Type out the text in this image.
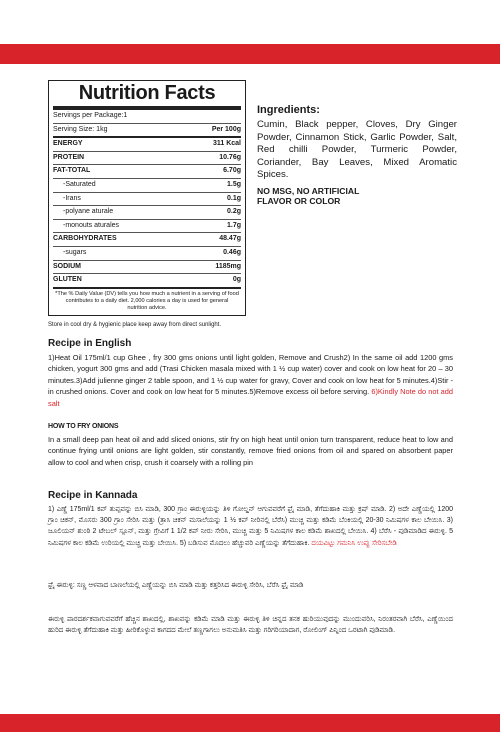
Nutrition Facts
Servings per Package:1
Serving Size: 1kg	Per 100g
ENERGY	311 Kcal
PROTEIN	10.76g
FAT-TOTAL	6.70g
-Saturated	1.5g
-Irans	0.1g
-polyane aturale	0.2g
-monouts aturales	1.7g
CARBOHYDRATES	48.47g
-sugars	0.46g
SODIUM	1185mg
GLUTEN	0g
*The % Daily Value (DV) tells you how much a nutrient in a serving of food contributes to a daily diet. 2,000 calories a day is used for general nutrition advice.
Ingredients:
Cumin, Black pepper, Cloves, Dry Ginger Powder, Cinnamon Stick, Garlic Powder, Salt, Red chilli Powder, Turmeric Powder, Coriander, Bay Leaves, Mixed Aromatic Spices.
NO MSG, NO ARTIFICIAL FLAVOR OR COLOR
Store in cool dry & hygienic place keep away from direct sunlight.
Recipe in English
1)Heat Oil 175ml/1 cup Ghee , fry 300 gms onions until light golden, Remove and Crush2) In the same oil add 1200 gms chicken, yogurt 300 gms and add (Trasi Chicken masala mixed with 1 ½ cup water) cover and cook on low heat for 20 – 30 minutes.3)Add julienne ginger 2 table spoon, and 1 ½ cup water for gravy, Cover and cook on low heat for 5 minutes.4)Stir -in crushed onions. Cover and cook on low heat for 5 minutes.5)Remove excess oil before serving. 6)Kindly Note do not add salt
HOW TO FRY ONIONS
In a small deep pan heat oil and add sliced onions, stir fry on high heat until onion turn transparent, reduce heat to low and continue frying until onions are light golden, stir constantly, remove fried onions from oil and spared on absorbent paper allow to cool and when crisp, crush it coarsely with a rolling pin
Recipe in Kannada
1) ಎಣ್ಣೆ 175ml/1 ಕಪ್ ತುಪ್ಪವನ್ನು ಬಿಸಿ ಮಾಡಿ, 300 ಗ್ರಾಂ ಈರುಳ್ಳಿಯನ್ನು ತಿಳಿ ಗೋಲ್ಡನ್ ಆಗುವವರೆಗೆ ಫ್ರೈ ಮಾಡಿ, ತೆಗೆದುಹಾಕಿ ಮತ್ತು ಕ್ರಷ್ ಮಾಡಿ. 2) ಅದೇ ಎಣ್ಣೆಯಲ್ಲಿ 1200 ಗ್ರಾಂ ಚಿಕನ್, ಮೊಸರು 300 ಗ್ರಾಂ ಸೇರಿಸಿ ಮತ್ತು (ತ್ರಾಸಿ ಚಿಕನ್ ಮಸಾಲೆಯನ್ನು 1 ½ ಕಪ್ ನೀರಿನಲ್ಲಿ ಬೆರೆಸಿ) ಮುಚ್ಚಿ ಮತ್ತು ಕಡಿಮೆ ಬೆಂಕಿಯಲ್ಲಿ 20-30 ನಿಮಿಷಗಳ ಕಾಲ ಬೇಯಿಸಿ. 3) ಜೂಲಿಯನ್ ಶುಂಠಿ 2 ಟೇಬಲ್ ಸ್ಪೂನ್, ಮತ್ತು ಗ್ರೇವಿಗೆ 1 1/2 ಕಪ್ ನೀರು ಸೇರಿಸಿ, ಮುಚ್ಚಿ ಮತ್ತು 5 ನಿಮಿಷಗಳ ಕಾಲ ಕಡಿಮೆ ಶಾಖದಲ್ಲಿ ಬೇಯಿಸಿ. 4) ಬೆರೆಸಿ - ಪುಡಿಮಾಡಿದ ಈರುಳ್ಳಿ. 5 ನಿಮಿಷಗಳ ಕಾಲ ಕಡಿಮೆ ಉರಿಯಲ್ಲಿ ಮುಚ್ಚಿ ಮತ್ತು ಬೇಯಿಸಿ. 5) ಬಡಿಸುವ ಮೊದಲು ಹೆಚ್ಚುವರಿ ಎಣ್ಣೆಯನ್ನು ತೆಗೆದುಹಾಕಿ. ದಯವಿಟ್ಟು ಗಮನಿಸಿ ಉಪ್ಪು ಸೇರಿಸಬೇಡಿ
ಫ್ರೈ ಈರುಳ್ಳಿ: ಸಣ್ಣ ಆಳವಾದ ಬಾಣಲೆಯಲ್ಲಿ ಎಣ್ಣೆಯನ್ನು ಬಿಸಿ ಮಾಡಿ ಮತ್ತು ಕತ್ತರಿಸಿದ ಈರುಳ್ಳಿ ಸೇರಿಸಿ, ಬೆರೆಸಿ ಫ್ರೈ ಮಾಡಿ
ಈರುಳ್ಳಿ ಪಾರದರ್ಶಕವಾಗುವವರೆಗೆ ಹೆಚ್ಚಿನ ಶಾಖದಲ್ಲಿ, ಶಾಖವನ್ನು ಕಡಿಮೆ ಮಾಡಿ ಮತ್ತು ಈರುಳ್ಳಿ ತಿಳಿ ಚಿನ್ನದ ತನಕ ಹುರಿಯುವುದನ್ನು ಮುಂದುವರಿಸಿ, ನಿರಂತರವಾಗಿ ಬೆರೆಸಿ, ಎಣ್ಣೆಯಿಂದ ಹುರಿದ ಈರುಳ್ಳಿ ತೆಗೆದುಹಾಕಿ ಮತ್ತು ಹೀರಿಕೊಳ್ಳುವ ಕಾಗದದ ಮೇಲೆ ತಣ್ಣಗಾಗಲು ಅನುಮತಿಸಿ ಮತ್ತು ಗರಿಗರಿಯಾದಾಗ, ರೋಲಿಂಗ್ ಪಿನ್ನಿಂದ ಒರಟಾಗಿ ಪುಡಿಮಾಡಿ.
